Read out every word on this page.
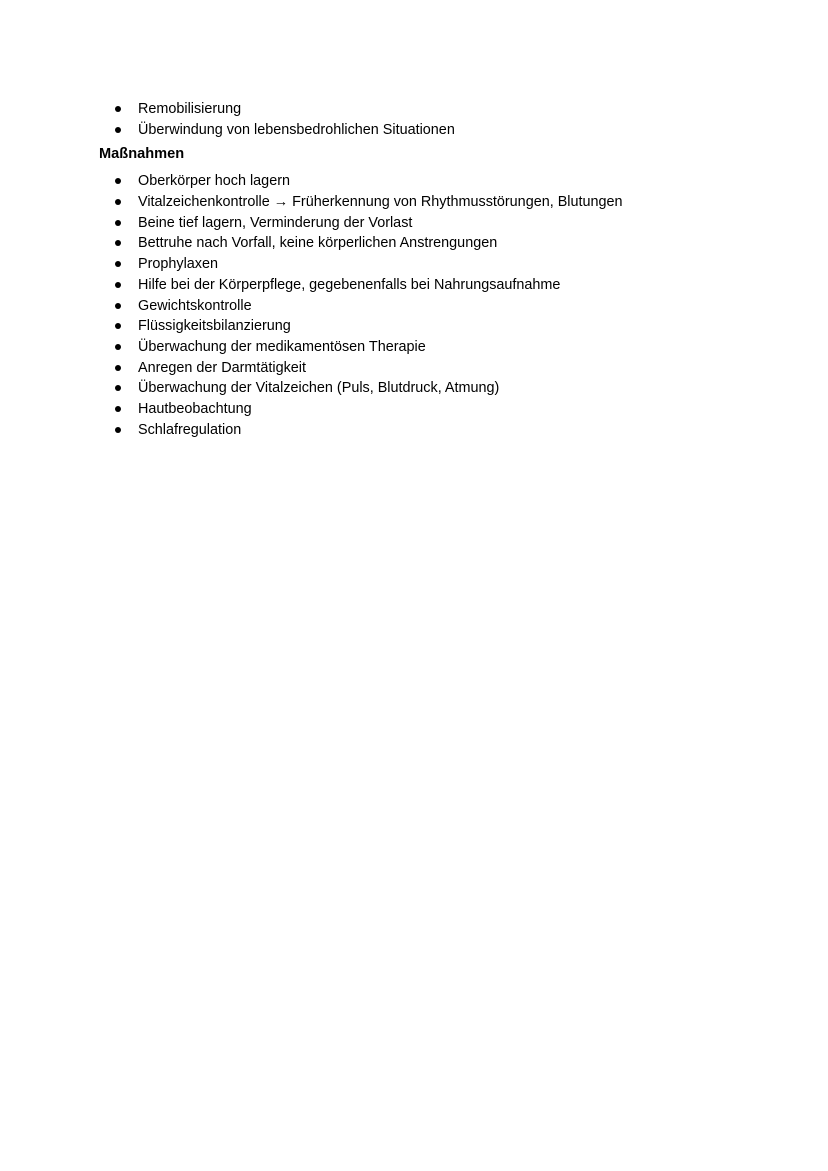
Remobilisierung
Überwindung von lebensbedrohlichen Situationen
Maßnahmen
Oberkörper hoch lagern
Vitalzeichenkontrolle → Früherkennung von Rhythmusstörungen, Blutungen
Beine tief lagern, Verminderung der Vorlast
Bettruhe nach Vorfall, keine körperlichen Anstrengungen
Prophylaxen
Hilfe bei der Körperpflege, gegebenenfalls bei Nahrungsaufnahme
Gewichtskontrolle
Flüssigkeitsbilanzierung
Überwachung der medikamentösen Therapie
Anregen der Darmtätigkeit
Überwachung der Vitalzeichen (Puls, Blutdruck, Atmung)
Hautbeobachtung
Schlafregulation
